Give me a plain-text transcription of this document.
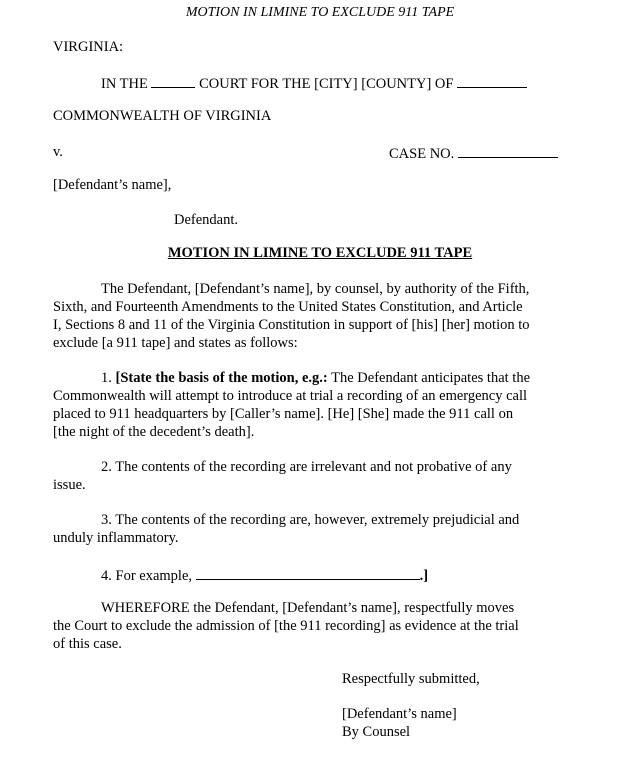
MOTION IN LIMINE TO EXCLUDE 911 TAPE
VIRGINIA:
IN THE	COURT FOR THE [CITY] [COUNTY] OF
COMMONWEALTH OF VIRGINIA
v.	CASE NO.
[Defendant’s name],
Defendant.
MOTION IN LIMINE TO EXCLUDE 911 TAPE

The Defendant, [Defendant’s name], by counsel, by authority of the Fifth,

Sixth, and Fourteenth Amendments to the United States Constitution, and Article

I, Sections 8 and 11 of the Virginia Constitution in support of [his] [her] motion to

exclude [a 911 tape] and states as follows:

1. [State the basis of the motion, e.g.: The Defendant anticipates that the

Commonwealth will attempt to introduce at trial a recording of an emergency call

placed to 911 headquarters by [Caller’s name]. [He] [She] made the 911 call on

[the night of the decedent’s death].

2. The contents of the recording are irrelevant and not probative of any

issue.

3. The contents of the recording are, however, extremely prejudicial and

unduly inflammatory.

4. For example,	.]

WHEREFORE the Defendant, [Defendant’s name], respectfully moves

the Court to exclude the admission of [the 911 recording] as evidence at the trial

of this case.

Respectfully submitted,
[Defendant’s name]
By Counsel
